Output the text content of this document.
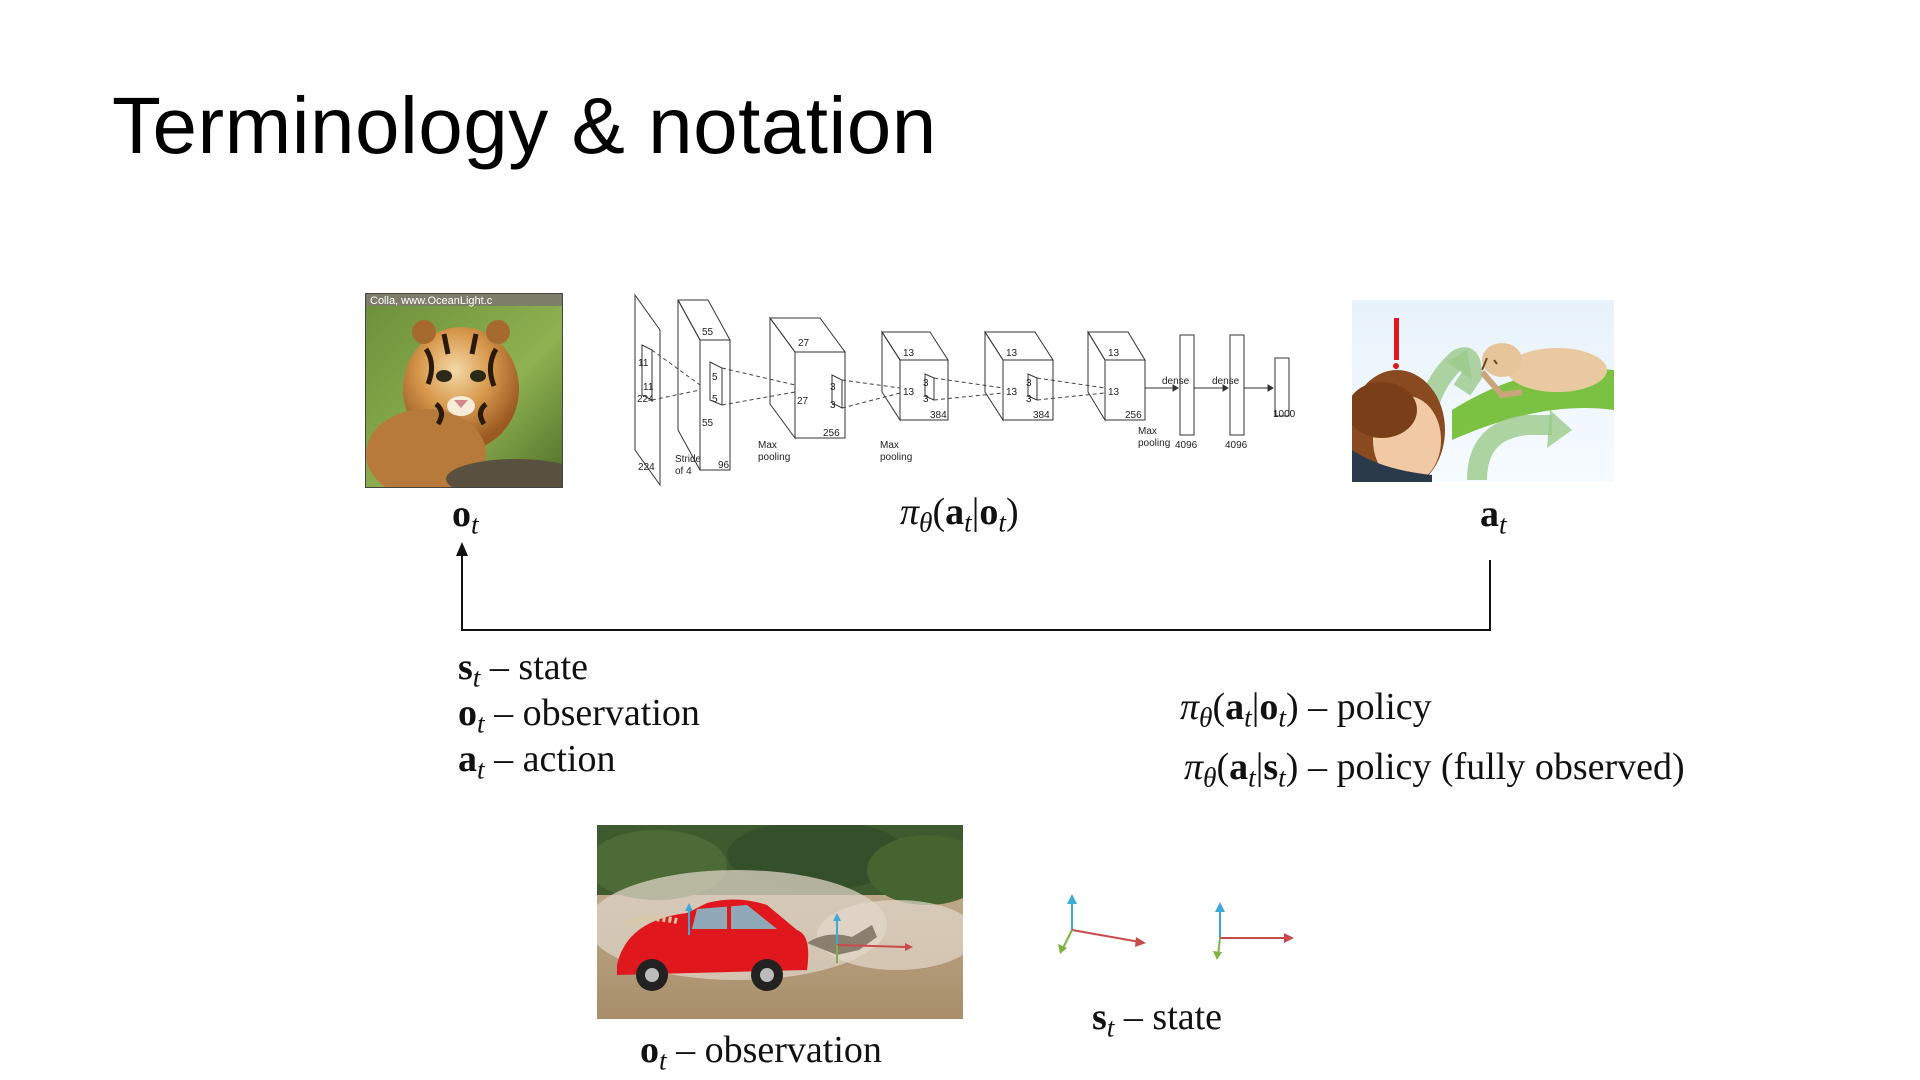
Terminology & notation
Colla, www.OceanLight.c
224
224
11
11
Stride
of 4
55
55
5
5
96
27
27
Max
pooling
256
3
3
13
13
Max
pooling
384
3
3
13
13
384
3
3
13
13
256
Max
pooling
dense dense
4096	4096
1000
$o_t$	$\pi_\theta(a_t|o_t)$	$a_t$
$s_t$ – state
$o_t$ – observation
$a_t$ – action
$\pi_\theta(a_t|o_t)$ – policy
$\pi_\theta(a_t|s_t)$ – policy (fully observed)
$o_t$ – observation
$s_t$ – state
